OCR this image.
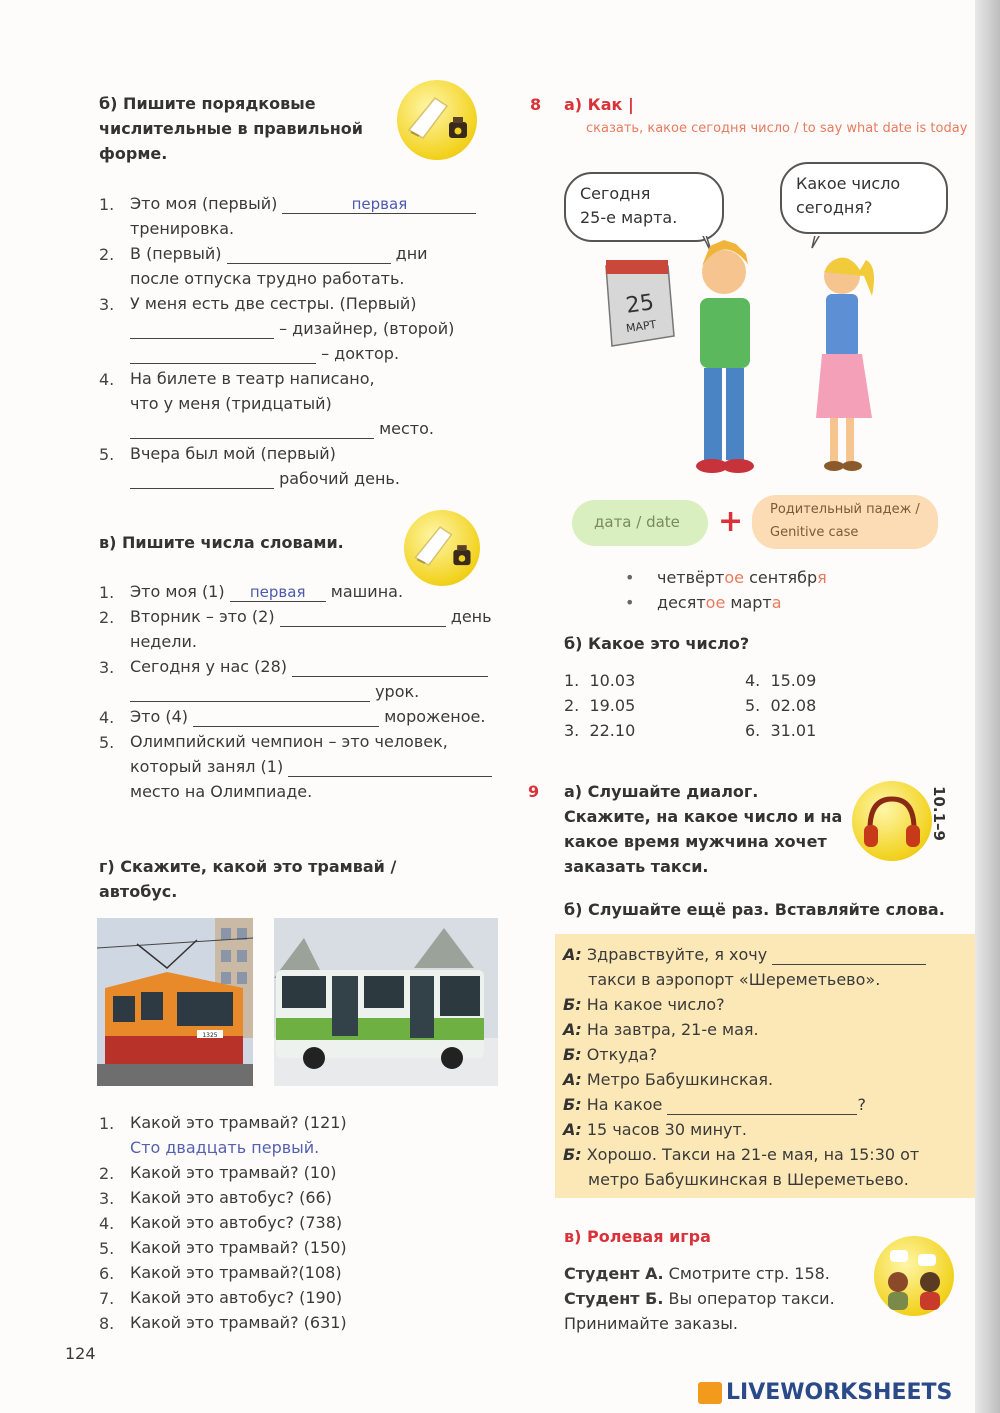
б) Пишите порядковые
числительные в правильной
форме.
1. Это моя (первый) первая
тренировка.
2. В (первый)	дни
после отпуска трудно работать.
3. У меня есть две сестры. (Первый)
– дизайнер, (второй)
– доктор.
4. На билете в театр написано,
что у меня (тридцатый)
место.
5. Вчера был мой (первый)
рабочий день.
в) Пишите числа словами.
1. Это моя (1) первая	машина.
2. Вторник – это (2)	день
недели.
3. Сегодня у нас (28)
урок.
4. Это (4)	мороженое.
5. Олимпийский чемпион – это человек,
который занял (1)
место на Олимпиаде.
г) Скажите, какой это трамвай /
автобус.
1325
1. Какой это трамвай? (121)
Сто двадцать первый.
2. Какой это трамвай? (10)
3. Какой это автобус? (66)
4. Какой это автобус? (738)
5. Какой это трамвай? (150)
6. Какой это трамвай?(108)
7. Какой это автобус? (190)
8. Какой это трамвай? (631)
124
8 а) Как |
сказать, какое сегодня число / to say what date is today
Сегодня
25-е марта.
Какое число
сегодня?
25
МАРТ
дата / date + Родительный падеж /
Genitive case
• четвёртое сентября
• десятое марта
б) Какое это число?
1. 10.03
2. 19.05
3. 22.10
4. 15.09
5. 02.08
6. 31.01
9 а) Слушайте диалог.
Скажите, на какое число и на
какое время мужчина хочет
заказать такси.
10.1–9
б) Слушайте ещё раз. Вставляйте слова.
А: Здравствуйте, я хочу
такси в аэропорт «Шереметьево».
Б: На какое число?
А: На завтра, 21-е мая.
Б: Откуда?
А: Метро Бабушкинская.
Б: На какое	?
А: 15 часов 30 минут.
Б: Хорошо. Такси на 21-е мая, на 15:30 от
метро Бабушкинская в Шереметьево.
в) Ролевая игра
Студент А. Смотрите стр. 158.
Студент Б. Вы оператор такси.
Принимайте заказы.
LIVEWORKSHEETS
